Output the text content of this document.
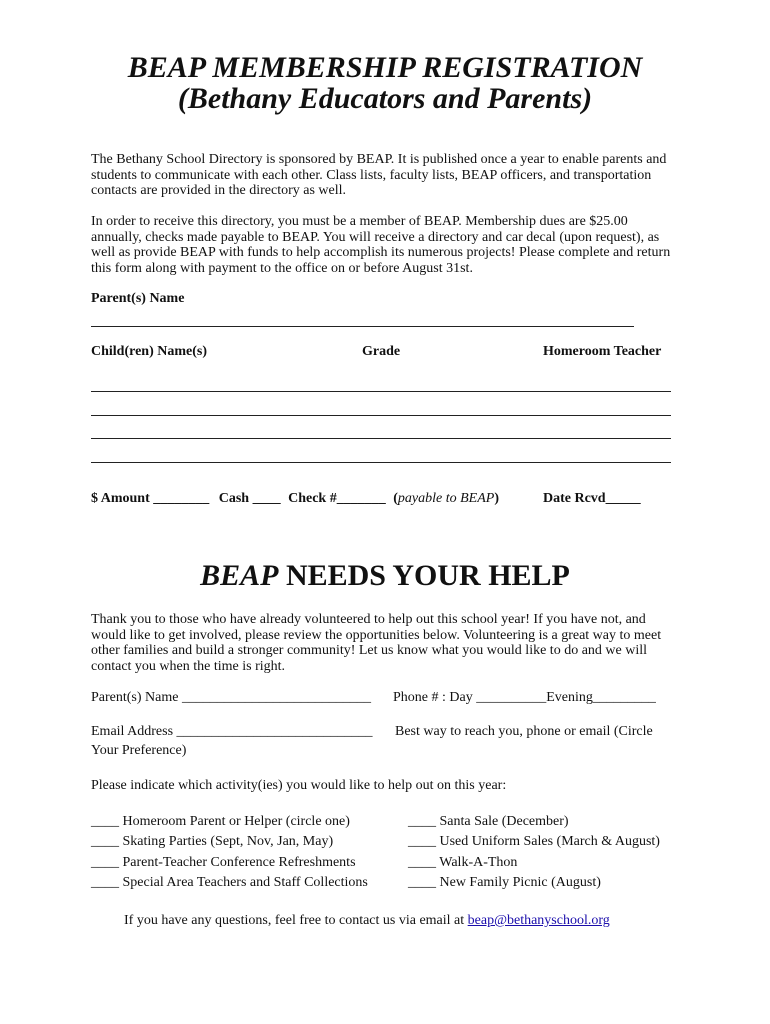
BEAP MEMBERSHIP REGISTRATION
(Bethany Educators and Parents)
The Bethany School Directory is sponsored by BEAP. It is published once a year to enable parents and students to communicate with each other. Class lists, faculty lists, BEAP officers, and transportation contacts are provided in the directory as well.
In order to receive this directory, you must be a member of BEAP. Membership dues are $25.00 annually, checks made payable to BEAP. You will receive a directory and car decal (upon request), as well as provide BEAP with funds to help accomplish its numerous projects! Please complete and return this form along with payment to the office on or before August 31st.
Parent(s) Name
Child(ren) Name(s)	Grade	Homeroom Teacher
$ Amount ________ Cash ____ Check #_______ (payable to BEAP)	Date Rcvd_____
BEAP NEEDS YOUR HELP
Thank you to those who have already volunteered to help out this school year! If you have not, and would like to get involved, please review the opportunities below. Volunteering is a great way to meet other families and build a stronger community! Let us know what you would like to do and we will contact you when the time is right.
Parent(s) Name ___________________________ Phone # : Day __________Evening_________
Email Address ____________________________ Best way to reach you, phone or email (Circle
Your Preference)
Please indicate which activity(ies) you would like to help out on this year:
____ Homeroom Parent or Helper (circle one)
____ Skating Parties (Sept, Nov, Jan, May)
____ Parent-Teacher Conference Refreshments
____ Special Area Teachers and Staff Collections
____ Santa Sale (December)
____ Used Uniform Sales (March & August)
____ Walk-A-Thon
____ New Family Picnic (August)
If you have any questions, feel free to contact us via email at beap@bethanyschool.org
